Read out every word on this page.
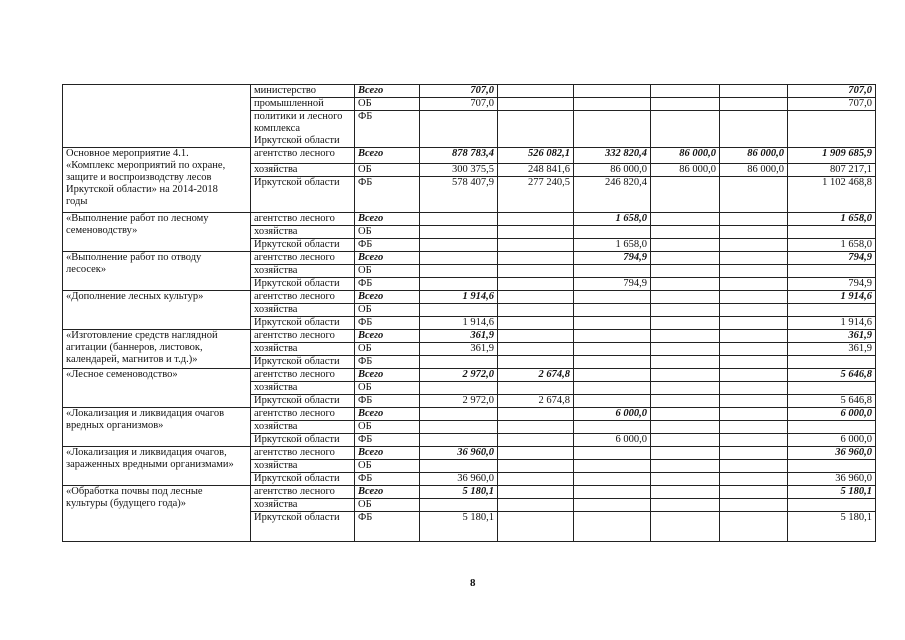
	министерство	Всего	707,0					707,0
	промышленной	ОБ	707,0					707,0

	политики и лесного
комплекса
Иркутской области	ФБ						

Основное мероприятие 4.1.
«Комплекс мероприятий по охране,
защите и воспроизводству лесов
Иркутской области» на 2014-2018
годы	агентство лесного	Всего	878 783,4	526 082,1	332 820,4	86 000,0	86 000,0	1 909 685,9
	хозяйства	ОБ	300 375,5	248 841,6	86 000,0	86 000,0	86 000,0	807 217,1
	Иркутской области	ФБ	578 407,9	277 240,5	246 820,4			1 102 468,8

«Выполнение работ по лесному
семеноводству»	агентство лесного	Всего			1 658,0			1 658,0
	хозяйства	ОБ						
	Иркутской области	ФБ			1 658,0			1 658,0

«Выполнение работ по отводу
лесосек»	агентство лесного	Всего			794,9			794,9
	хозяйства	ОБ						
	Иркутской области	ФБ			794,9			794,9

«Дополнение лесных культур»	агентство лесного	Всего	1 914,6					1 914,6
	хозяйства	ОБ						
	Иркутской области	ФБ	1 914,6					1 914,6

«Изготовление средств наглядной
агитации (баннеров, листовок,
календарей, магнитов и т.д.)»	агентство лесного	Всего	361,9					361,9
	хозяйства	ОБ	361,9					361,9
	Иркутской области	ФБ						

«Лесное семеноводство»	агентство лесного	Всего	2 972,0	2 674,8				5 646,8
	хозяйства	ОБ						
	Иркутской области	ФБ	2 972,0	2 674,8				5 646,8

«Локализация и ликвидация очагов
вредных организмов»	агентство лесного	Всего			6 000,0			6 000,0
	хозяйства	ОБ						
	Иркутской области	ФБ			6 000,0			6 000,0

«Локализация и ликвидация очагов,
зараженных вредными организмами»	агентство лесного	Всего	36 960,0					36 960,0
	хозяйства	ОБ						
	Иркутской области	ФБ	36 960,0					36 960,0

«Обработка почвы под лесные
культуры (будущего года)»	агентство лесного	Всего	5 180,1					5 180,1
	хозяйства	ОБ						
	Иркутской области	ФБ	5 180,1					5 180,1
8
